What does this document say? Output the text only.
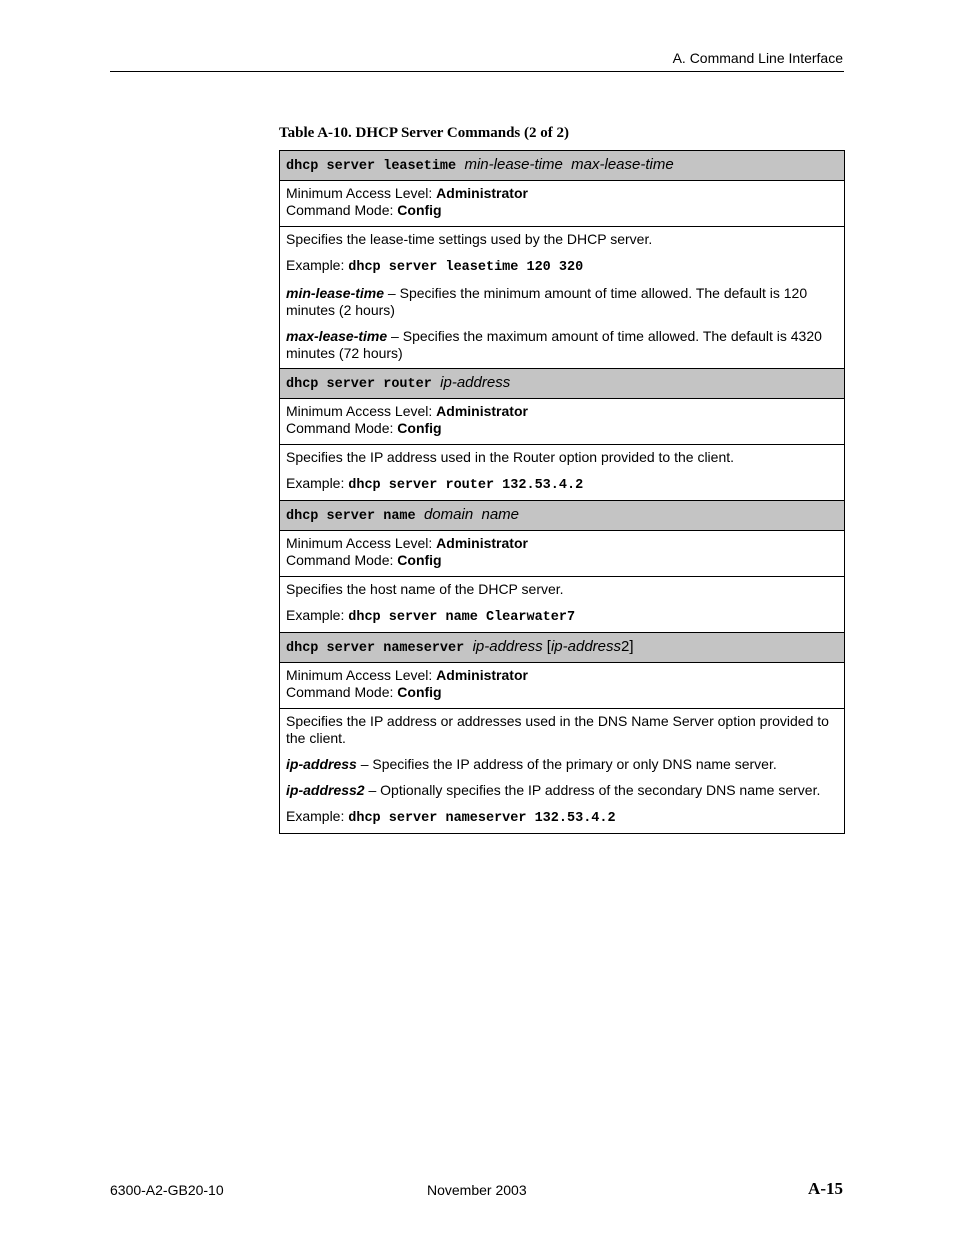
A. Command Line Interface
Table A-10. DHCP Server Commands (2 of 2)
dhcp server leasetime min-lease-time  max-lease-time
Minimum Access Level: Administrator
Command Mode: Config

Specifies the lease-time settings used by the DHCP server.

Example: dhcp server leasetime 120 320

min-lease-time – Specifies the minimum amount of time allowed. The default is 120 minutes (2 hours)

max-lease-time – Specifies the maximum amount of time allowed. The default is 4320 minutes (72 hours)

dhcp server router ip-address
Minimum Access Level: Administrator
Command Mode: Config

Specifies the IP address used in the Router option provided to the client.

Example: dhcp server router 132.53.4.2

dhcp server name domain  name
Minimum Access Level: Administrator
Command Mode: Config

Specifies the host name of the DHCP server.

Example: dhcp server name Clearwater7

dhcp server nameserver ip-address [ip-address2]
Minimum Access Level: Administrator
Command Mode: Config

Specifies the IP address or addresses used in the DNS Name Server option provided to the client.

ip-address – Specifies the IP address of the primary or only DNS name server.

ip-address2 – Optionally specifies the IP address of the secondary DNS name server.

Example: dhcp server nameserver 132.53.4.2

6300-A2-GB20-10	November 2003	A-15
